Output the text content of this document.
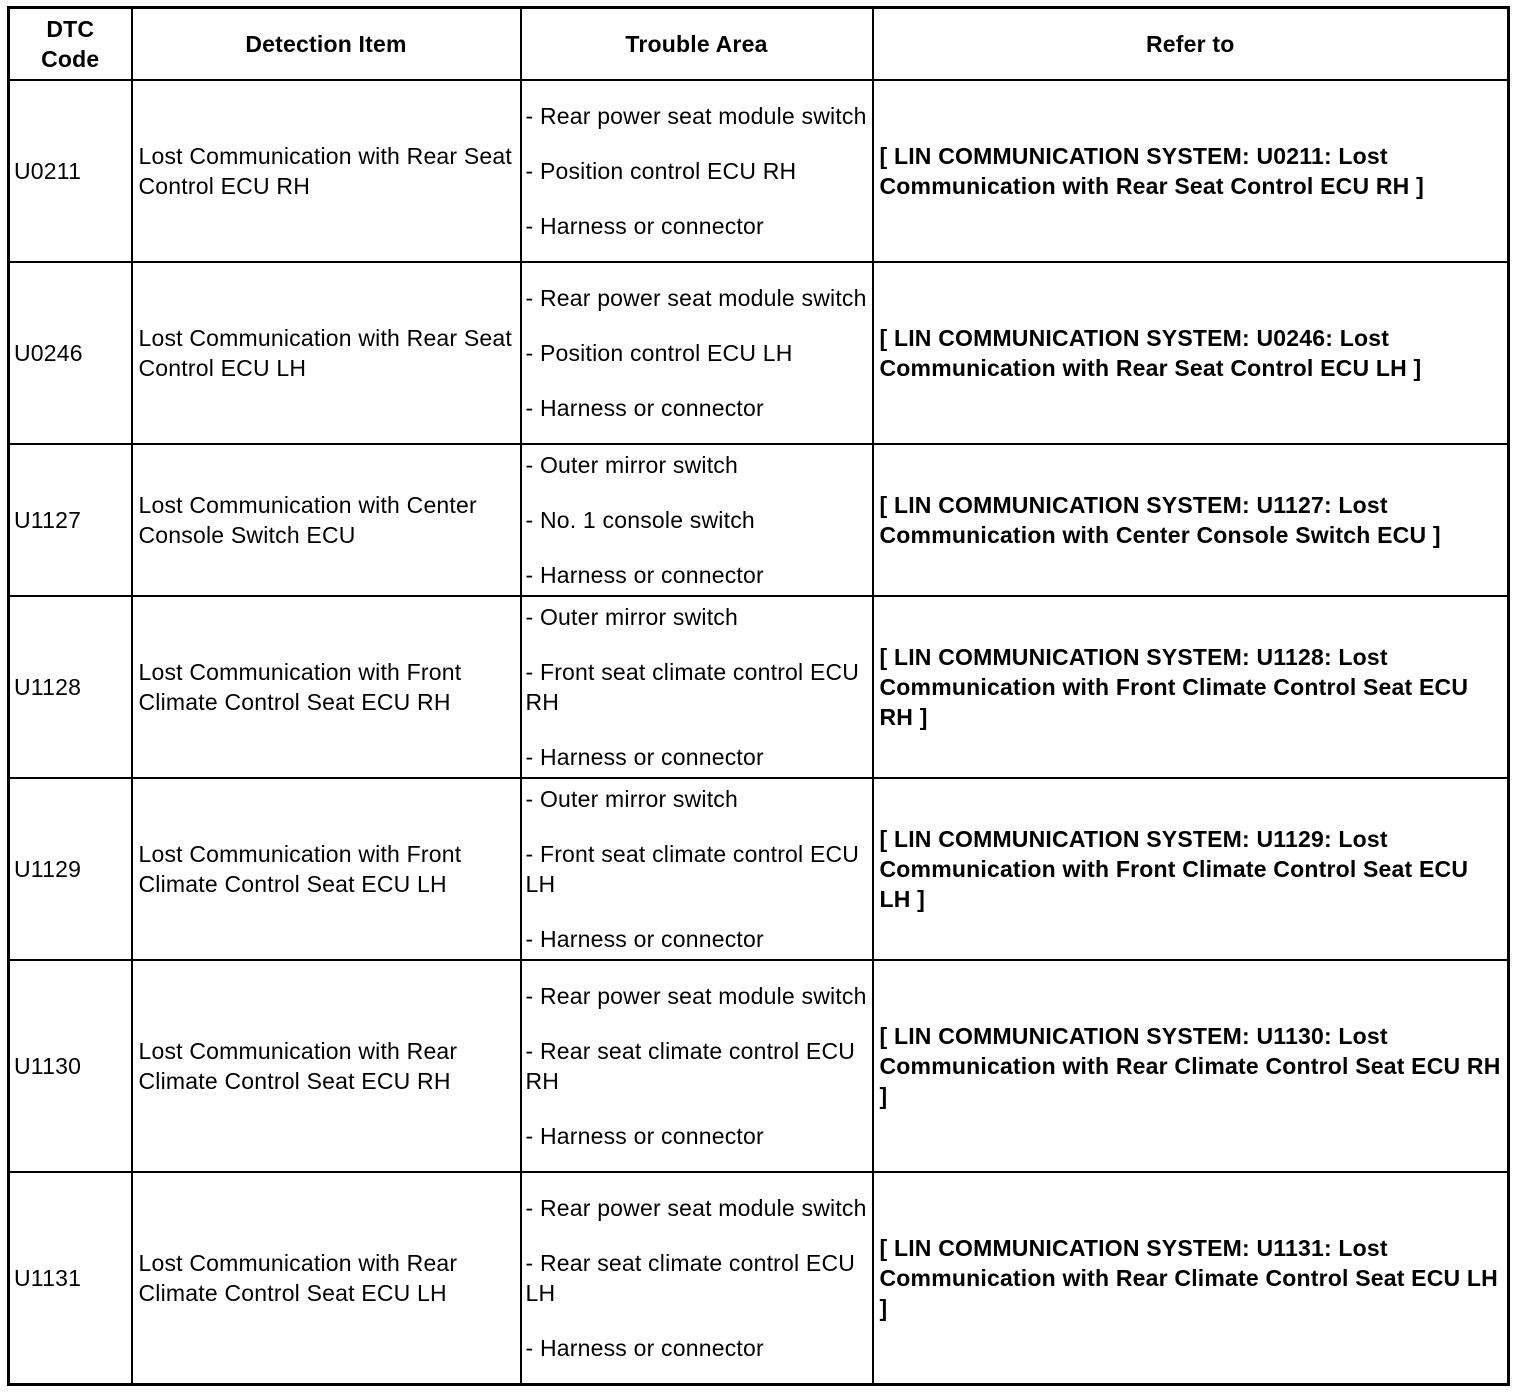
DTC
Code	Detection Item	Trouble Area	Refer to
U0211	Lost Communication with Rear Seat Control ECU RH	- Rear power seat module switch
- Position control ECU RH
- Harness or connector	[ LIN COMMUNICATION SYSTEM: U0211: Lost Communication with Rear Seat Control ECU RH ]
U0246	Lost Communication with Rear Seat Control ECU LH	- Rear power seat module switch
- Position control ECU LH
- Harness or connector	[ LIN COMMUNICATION SYSTEM: U0246: Lost Communication with Rear Seat Control ECU LH ]
U1127	Lost Communication with Center Console Switch ECU	- Outer mirror switch
- No. 1 console switch
- Harness or connector	[ LIN COMMUNICATION SYSTEM: U1127: Lost Communication with Center Console Switch ECU ]
U1128	Lost Communication with Front Climate Control Seat ECU RH	- Outer mirror switch
- Front seat climate control ECU RH
- Harness or connector	[ LIN COMMUNICATION SYSTEM: U1128: Lost Communication with Front Climate Control Seat ECU RH ]
U1129	Lost Communication with Front Climate Control Seat ECU LH	- Outer mirror switch
- Front seat climate control ECU LH
- Harness or connector	[ LIN COMMUNICATION SYSTEM: U1129: Lost Communication with Front Climate Control Seat ECU LH ]
U1130	Lost Communication with Rear Climate Control Seat ECU RH	- Rear power seat module switch
- Rear seat climate control ECU RH
- Harness or connector	[ LIN COMMUNICATION SYSTEM: U1130: Lost Communication with Rear Climate Control Seat ECU RH ]
U1131	Lost Communication with Rear Climate Control Seat ECU LH	- Rear power seat module switch
- Rear seat climate control ECU LH
- Harness or connector	[ LIN COMMUNICATION SYSTEM: U1131: Lost Communication with Rear Climate Control Seat ECU LH ]
